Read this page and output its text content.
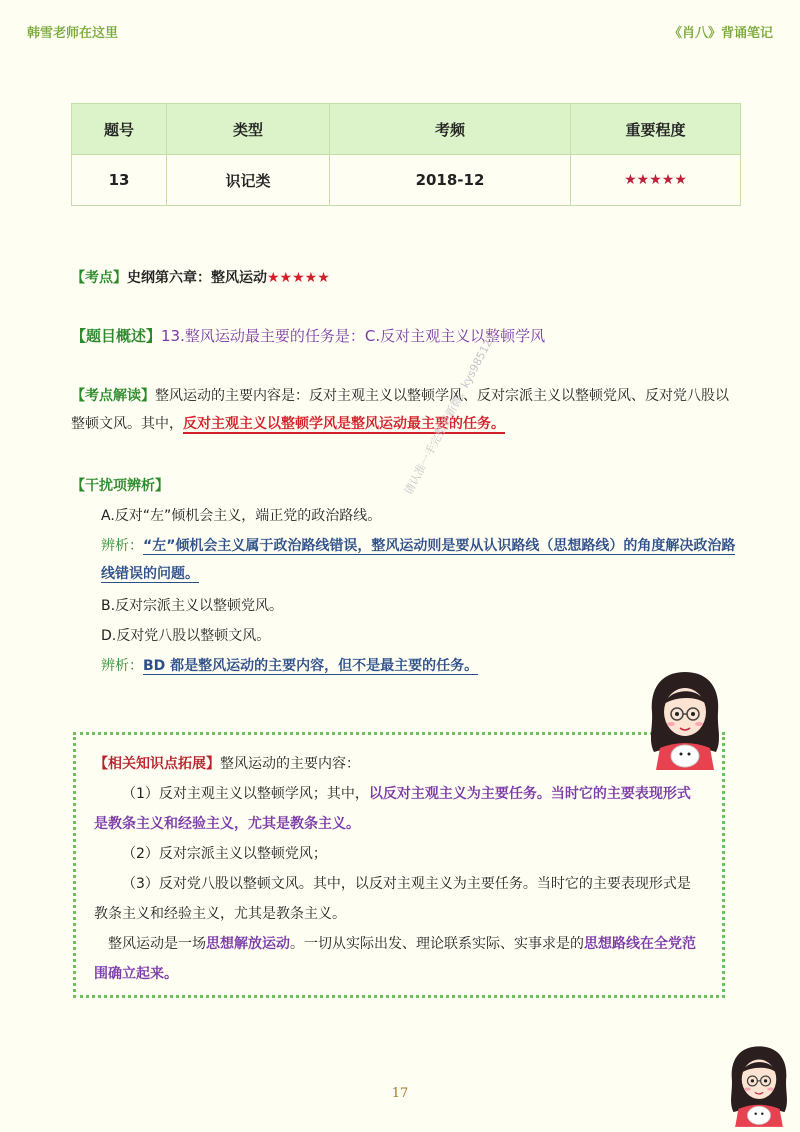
韩雪老师在这里	《肖八》背诵笔记
题号	类型	考频	重要程度
13	识记类	2018-12	★★★★★
【考点】史纲第六章：整风运动★★★★★
【题目概述】13.整风运动最主要的任务是：C.反对主观主义以整顿学风
【考点解读】整风运动的主要内容是：反对主观主义以整顿学风、反对宗派主义以整顿党风、反对党八股以整顿文风。其中，反对主观主义以整顿学风是整风运动最主要的任务。
【干扰项辨析】
A.反对“左”倾机会主义，端正党的政治路线。
辨析：“左”倾机会主义属于政治路线错误，整风运动则是要从认识路线（思想路线）的角度解决政治路线错误的问题。
B.反对宗派主义以整顿党风。
D.反对党八股以整顿文风。
辨析：BD 都是整风运动的主要内容，但不是最主要的任务。
请认准一手完整更新微：kys985121

【相关知识点拓展】整风运动的主要内容：

（1）反对主观主义以整顿学风；其中，以反对主观主义为主要任务。当时它的主要表现形式是教条主义和经验主义，尤其是教条主义。

（2）反对宗派主义以整顿党风；

（3）反对党八股以整顿文风。其中，以反对主观主义为主要任务。当时它的主要表现形式是教条主义和经验主义，尤其是教条主义。

整风运动是一场思想解放运动。一切从实际出发、理论联系实际、实事求是的思想路线在全党范围确立起来。

17
